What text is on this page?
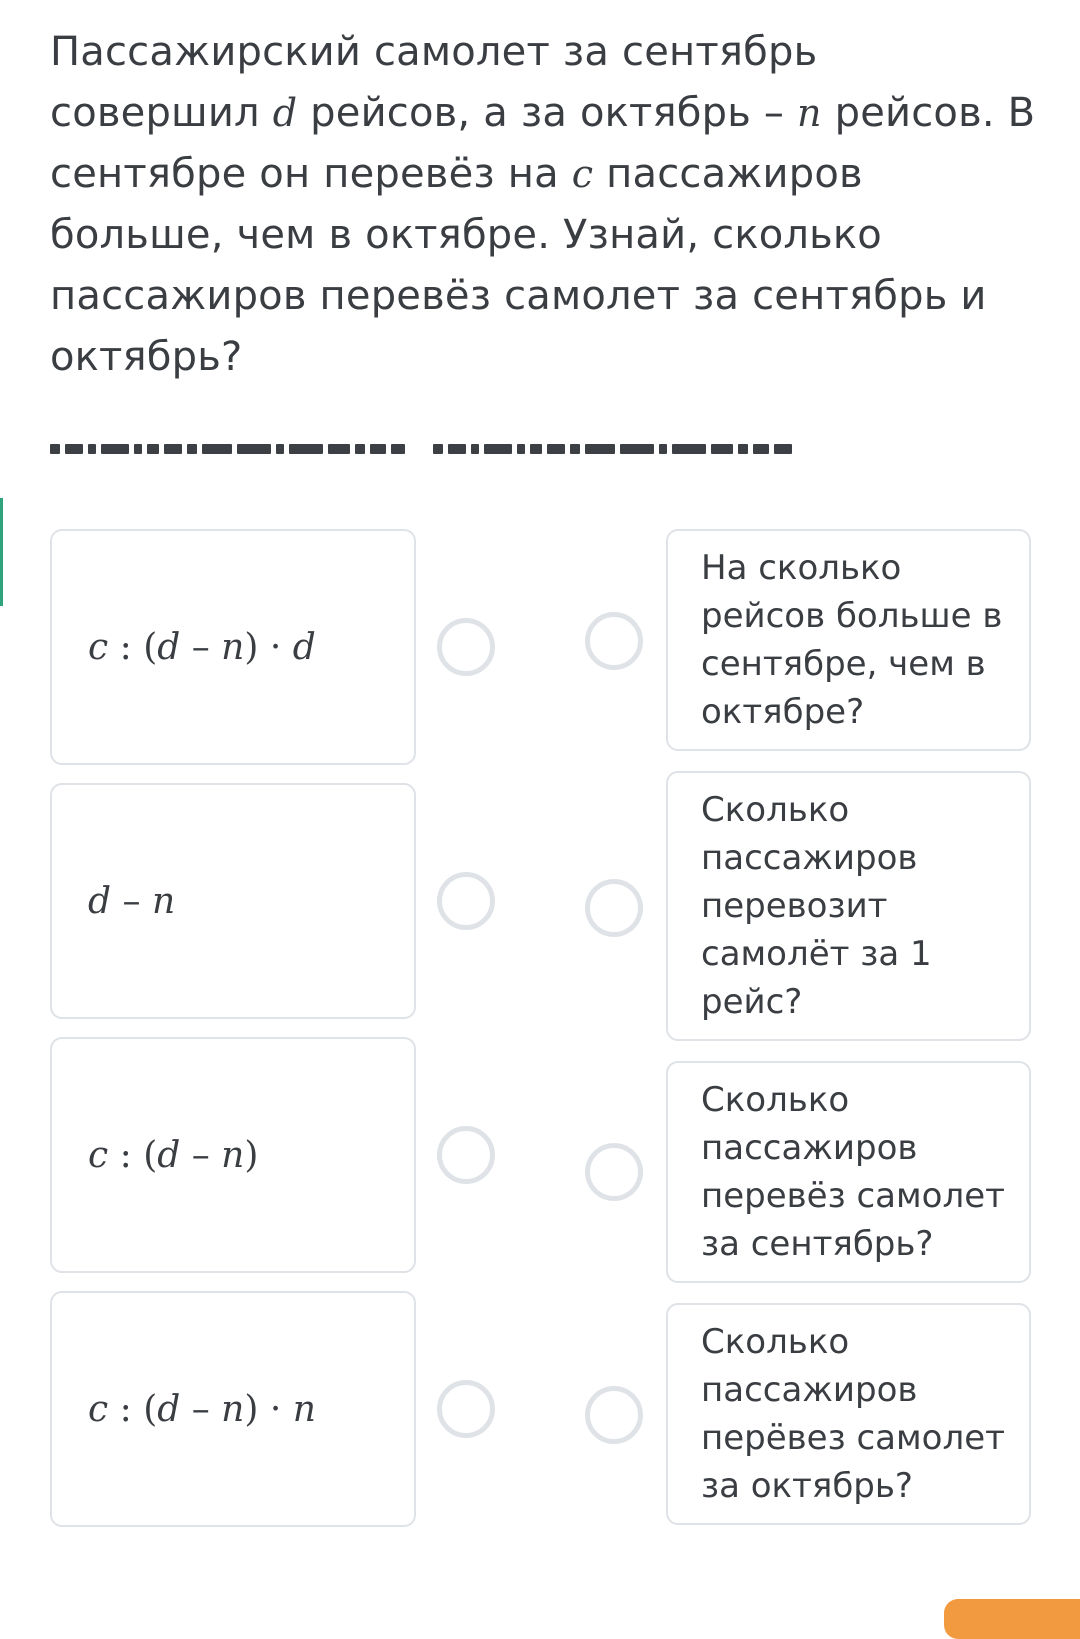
Пассажирский самолет за сентябрь совершил d рейсов, а за октябрь – n рейсов. В сентябре он перевёз на c пассажиров больше, чем в октябре. Узнай, сколько пассажиров перевёз самолет за сентябрь и октябрь?
c : (d – n) · d
d – n
c : (d – n)
c : (d – n) · n
На сколько рейсов больше в сентябре, чем в октябре?
Сколько пассажиров перевозит самолёт за 1 рейс?
Сколько пассажиров перевёз самолет за сентябрь?
Сколько пассажиров перёвез самолет за октябрь?
